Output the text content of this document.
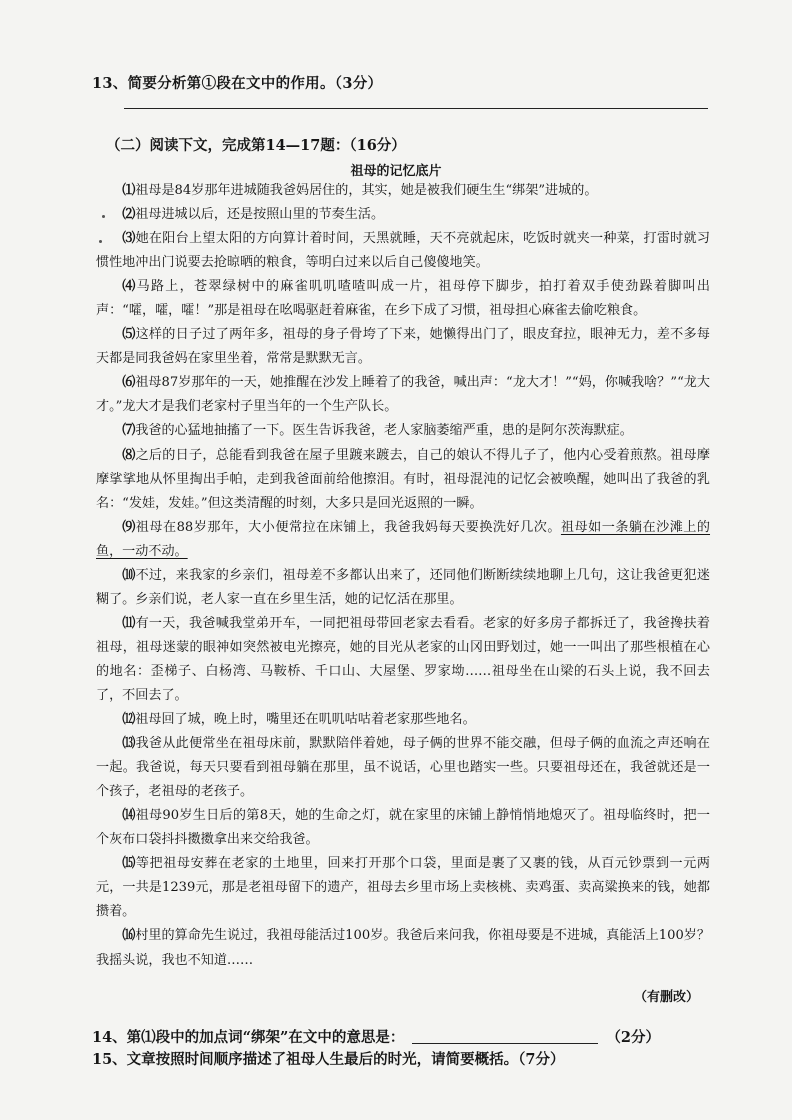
13、简要分析第①段在文中的作用。（3分）
（二）阅读下文，完成第14—17题：（16分）
祖母的记忆底片

⑴祖母是84岁那年进城随我爸妈居住的，其实，她是被我们硬生生“绑架”进城的。

⑵祖母进城以后，还是按照山里的节奏生活。

⑶她在阳台上望太阳的方向算计着时间，天黑就睡，天不亮就起床，吃饭时就夹一种菜，打雷时就习惯性地冲出门说要去抢晾晒的粮食，等明白过来以后自己傻傻地笑。

⑷马路上，苍翠绿树中的麻雀叽叽喳喳叫成一片，祖母停下脚步，拍打着双手使劲跺着脚叫出声：“嚯，嚯，嚯！”那是祖母在吆喝驱赶着麻雀，在乡下成了习惯，祖母担心麻雀去偷吃粮食。

⑸这样的日子过了两年多，祖母的身子骨垮了下来，她懒得出门了，眼皮耷拉，眼神无力，差不多每天都是同我爸妈在家里坐着，常常是默默无言。

⑹祖母87岁那年的一天，她推醒在沙发上睡着了的我爸，喊出声：“龙大才！”“妈，你喊我啥？”“龙大才。”龙大才是我们老家村子里当年的一个生产队长。

⑺我爸的心猛地抽搐了一下。医生告诉我爸，老人家脑萎缩严重，患的是阿尔茨海默症。

⑻之后的日子，总能看到我爸在屋子里踱来踱去，自己的娘认不得儿子了，他内心受着煎熬。祖母摩摩挲挲地从怀里掏出手帕，走到我爸面前给他擦泪。有时，祖母混沌的记忆会被唤醒，她叫出了我爸的乳名：“发娃，发娃。”但这类清醒的时刻，大多只是回光返照的一瞬。

⑼祖母在88岁那年，大小便常拉在床铺上，我爸我妈每天要换洗好几次。祖母如一条躺在沙滩上的鱼，一动不动。

⑽不过，来我家的乡亲们，祖母差不多都认出来了，还同他们断断续续地聊上几句，这让我爸更犯迷糊了。乡亲们说，老人家一直在乡里生活，她的记忆活在那里。

⑾有一天，我爸喊我堂弟开车，一同把祖母带回老家去看看。老家的好多房子都拆迁了，我爸搀扶着祖母，祖母迷蒙的眼神如突然被电光擦亮，她的目光从老家的山冈田野划过，她一一叫出了那些根植在心的地名：歪梯子、白杨湾、马鞍桥、千口山、大屋堡、罗家坳……祖母坐在山梁的石头上说，我不回去了，不回去了。

⑿祖母回了城，晚上时，嘴里还在叽叽咕咕着老家那些地名。

⒀我爸从此便常坐在祖母床前，默默陪伴着她，母子俩的世界不能交融，但母子俩的血流之声还响在一起。我爸说，每天只要看到祖母躺在那里，虽不说话，心里也踏实一些。只要祖母还在，我爸就还是一个孩子，老祖母的老孩子。

⒁祖母90岁生日后的第8天，她的生命之灯，就在家里的床铺上静悄悄地熄灭了。祖母临终时，把一个灰布口袋抖抖擞擞拿出来交给我爸。

⒂等把祖母安葬在老家的土地里，回来打开那个口袋，里面是裹了又裹的钱，从百元钞票到一元两元，一共是1239元，那是老祖母留下的遗产，祖母去乡里市场上卖核桃、卖鸡蛋、卖高粱换来的钱，她都攒着。

⒃村里的算命先生说过，我祖母能活过100岁。我爸后来问我，你祖母要是不进城，真能活上100岁？我摇头说，我也不知道……

（有删改）
14、第⑴段中的加点词“绑架”在文中的意思是：	（2分）
15、文章按照时间顺序描述了祖母人生最后的时光，请简要概括。（7分）
